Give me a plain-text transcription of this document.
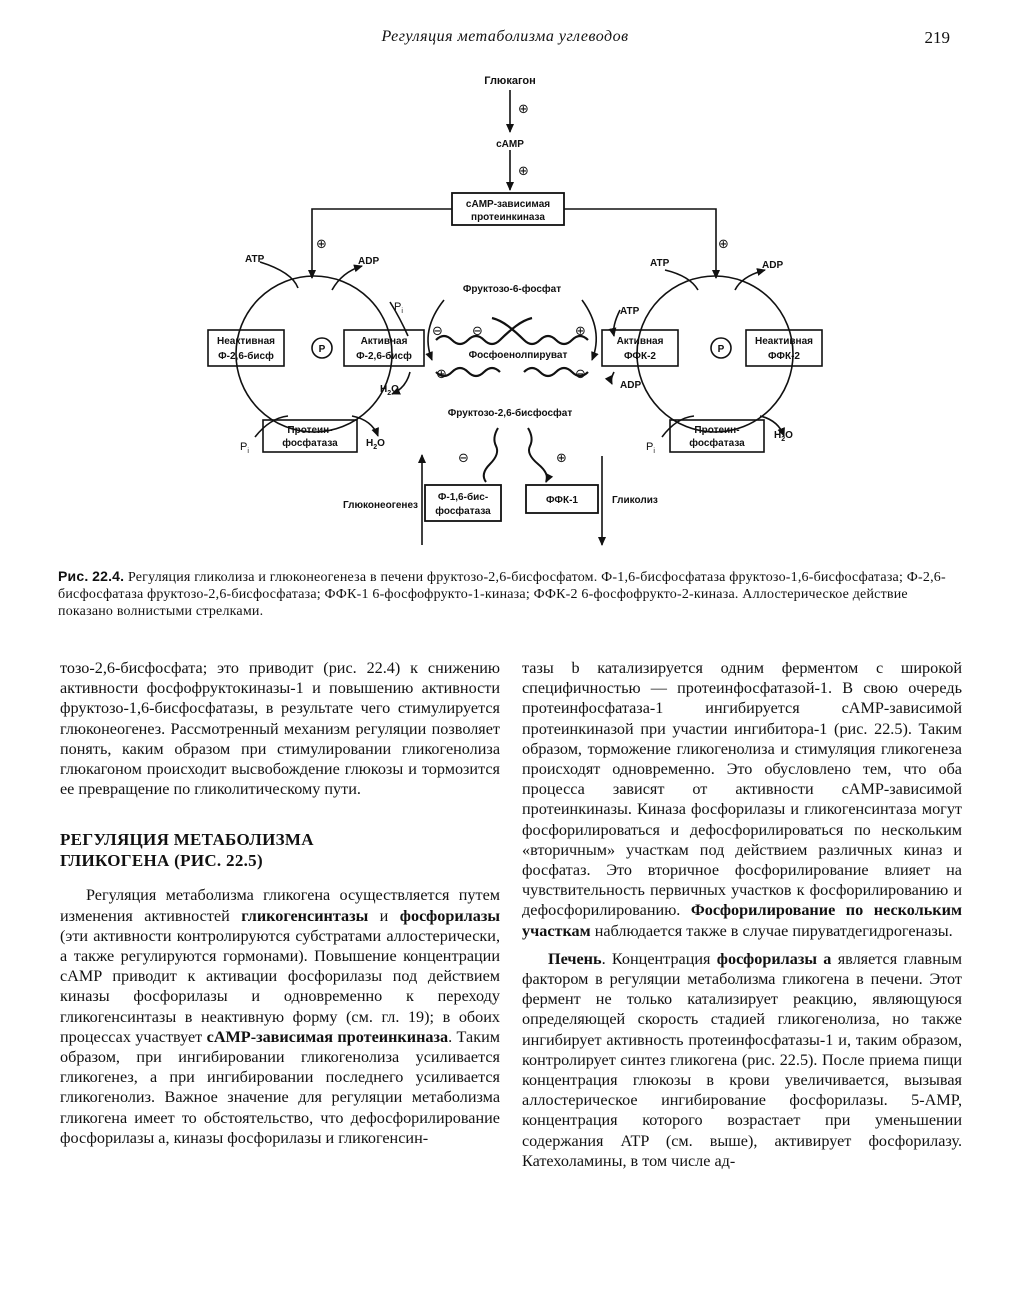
Регуляция метаболизма углеводов	219
Глюкагон
⊕
cAMP
⊕
cAMP-зависимая
протеинкиназа
⊕	⊕
ATP	ADP	ATP	ADP
Фруктозо-6-фосфат
$P_i$	ATP
⊖ ⊖	⊕
Фосфоенолпируват
⊕	⊖
$H_2O$	ADP
Фруктозо-2,6-бисфосфат
Неактивная
Ф-2,6-бисф
Активная
Ф-2,6-бисф
P
Активная
ФФК-2
Неактивная
ФФК-2
P
Протеин-
фосфатаза
Протеин-
фосфатаза
$P_i$
$H_2O$	$P_i$
$H_2O$
⊖	⊕
Глюконеогенез
Ф-1,6-бис-
фосфатаза
ФФК-1	Гликолиз
Рис. 22.4. Регуляция гликолиза и глюконеогенеза в печени фруктозо-2,6-бисфосфатом. Ф-1,6-бисфосфатаза фруктозо-1,6-бисфосфатаза; Ф-2,6-бисфосфатаза фруктозо-2,6-бисфосфатаза; ФФК-1 6-фосфофрукто-1-киназа; ФФК-2 6-фосфофрукто-2-киназа. Аллостерическое действие показано волнистыми стрелками.

тозо-2,6-бисфосфата; это приводит (рис. 22.4) к снижению активности фосфофруктокиназы-1 и повышению активности фруктозо-1,6-бисфосфатазы, в результате чего стимулируется глюконеогенез. Рассмотренный механизм регуляции позволяет понять, каким образом при стимулировании гликогенолиза глюкагоном происходит высвобождение глюкозы и тормозится ее превращение по гликолитическому пути.

РЕГУЛЯЦИЯ МЕТАБОЛИЗМА
ГЛИКОГЕНА (РИС. 22.5)

Регуляция метаболизма гликогена осуществляется путем изменения активностей гликогенсинтазы и фосфорилазы (эти активности контролируются субстратами аллостерически, а также регулируются гормонами). Повышение концентрации cAMP приводит к активации фосфорилазы под действием киназы фосфорилазы и одновременно к переходу гликогенсинтазы в неактивную форму (см. гл. 19); в обоих процессах участвует cAMP-зависимая протеинкиназа. Таким образом, при ингибировании гликогенолиза усиливается гликогенез, а при ингибировании последнего усиливается гликогенолиз. Важное значение для регуляции метаболизма гликогена имеет то обстоятельство, что дефосфорилирование фосфорилазы а, киназы фосфорилазы и гликогенсин-

тазы b катализируется одним ферментом с широкой специфичностью — протеинфосфатазой-1. В свою очередь протеинфосфатаза-1 ингибируется cAMP-зависимой протеинкиназой при участии ингибитора-1 (рис. 22.5). Таким образом, торможение гликогенолиза и стимуляция гликогенеза происходят одновременно. Это обусловлено тем, что оба процесса зависят от активности cAMP-зависимой протеинкиназы. Киназа фосфорилазы и гликогенсинтаза могут фосфорилироваться и дефосфорилироваться по нескольким «вторичным» участкам под действием различных киназ и фосфатаз. Это вторичное фосфорилирование влияет на чувствительность первичных участков к фосфорилированию и дефосфорилированию. Фосфорилирование по нескольким участкам наблюдается также в случае пируватдегидрогеназы.

Печень. Концентрация фосфорилазы а является главным фактором в регуляции метаболизма гликогена в печени. Этот фермент не только катализирует реакцию, являющуюся определяющей скорость стадией гликогенолиза, но также ингибирует активность протеинфосфатазы-1 и, таким образом, контролирует синтез гликогена (рис. 22.5). После приема пищи концентрация глюкозы в крови увеличивается, вызывая аллостерическое ингибирование фосфорилазы. 5-AMP, концентрация которого возрастает при уменьшении содержания ATP (см. выше), активирует фосфорилазу. Катехоламины, в том числе ад-
